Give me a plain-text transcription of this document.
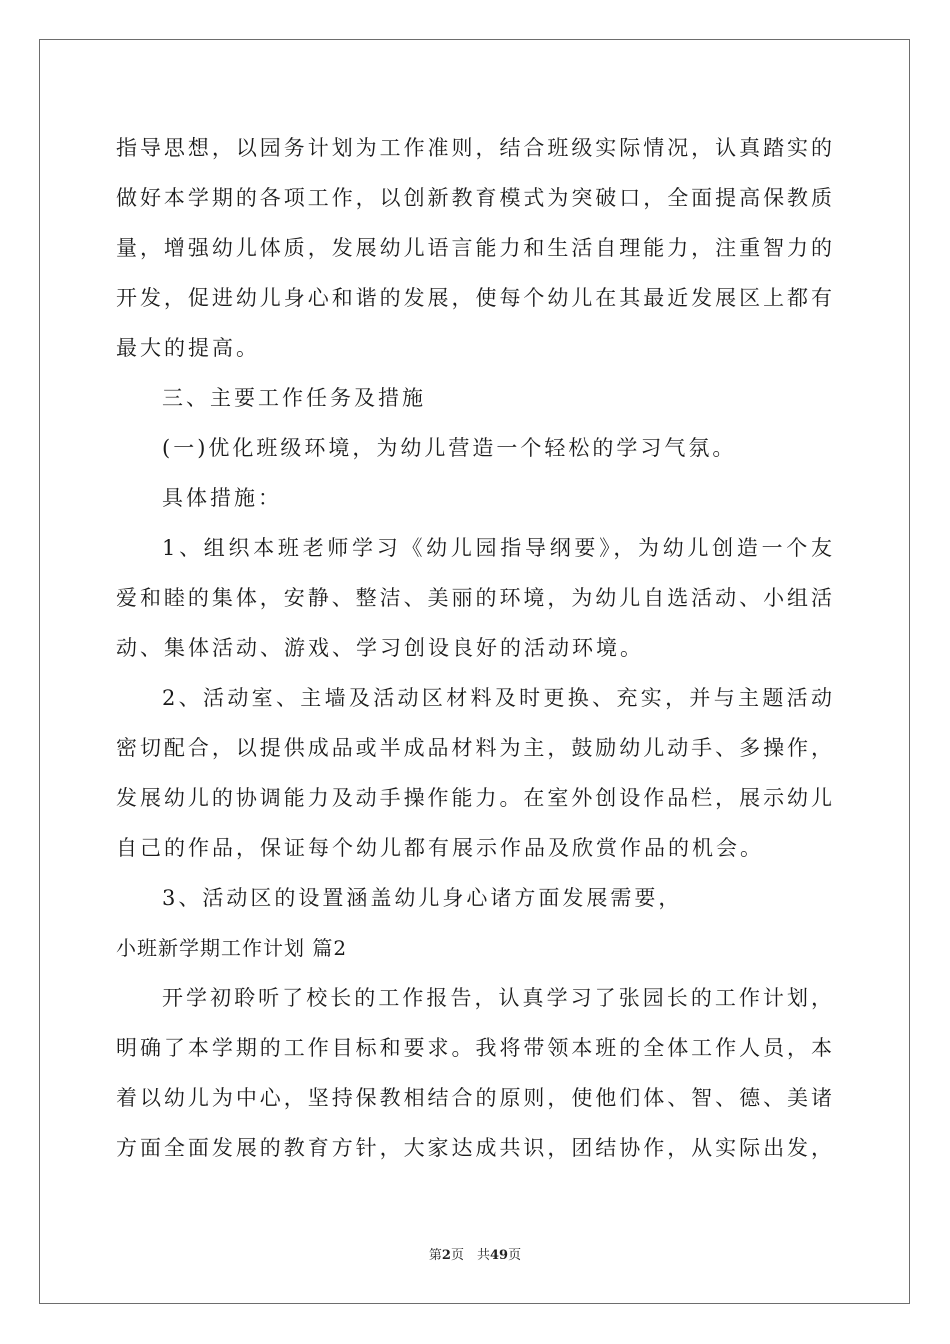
指导思想，以园务计划为工作准则，结合班级实际情况，认真踏实的
做好本学期的各项工作，以创新教育模式为突破口，全面提高保教质
量，增强幼儿体质，发展幼儿语言能力和生活自理能力，注重智力的
开发，促进幼儿身心和谐的发展，使每个幼儿在其最近发展区上都有
最大的提高。
三、主要工作任务及措施
(一)优化班级环境，为幼儿营造一个轻松的学习气氛。
具体措施：
1、组织本班老师学习《幼儿园指导纲要》，为幼儿创造一个友
爱和睦的集体，安静、整洁、美丽的环境，为幼儿自选活动、小组活
动、集体活动、游戏、学习创设良好的活动环境。
2、活动室、主墙及活动区材料及时更换、充实，并与主题活动
密切配合，以提供成品或半成品材料为主，鼓励幼儿动手、多操作，
发展幼儿的协调能力及动手操作能力。在室外创设作品栏，展示幼儿
自己的作品，保证每个幼儿都有展示作品及欣赏作品的机会。
3、活动区的设置涵盖幼儿身心诸方面发展需要，
小班新学期工作计划 篇2
开学初聆听了校长的工作报告，认真学习了张园长的工作计划，
明确了本学期的工作目标和要求。我将带领本班的全体工作人员，本
着以幼儿为中心，坚持保教相结合的原则，使他们体、智、德、美诸
方面全面发展的教育方针，大家达成共识，团结协作，从实际出发，
第2页　共49页
